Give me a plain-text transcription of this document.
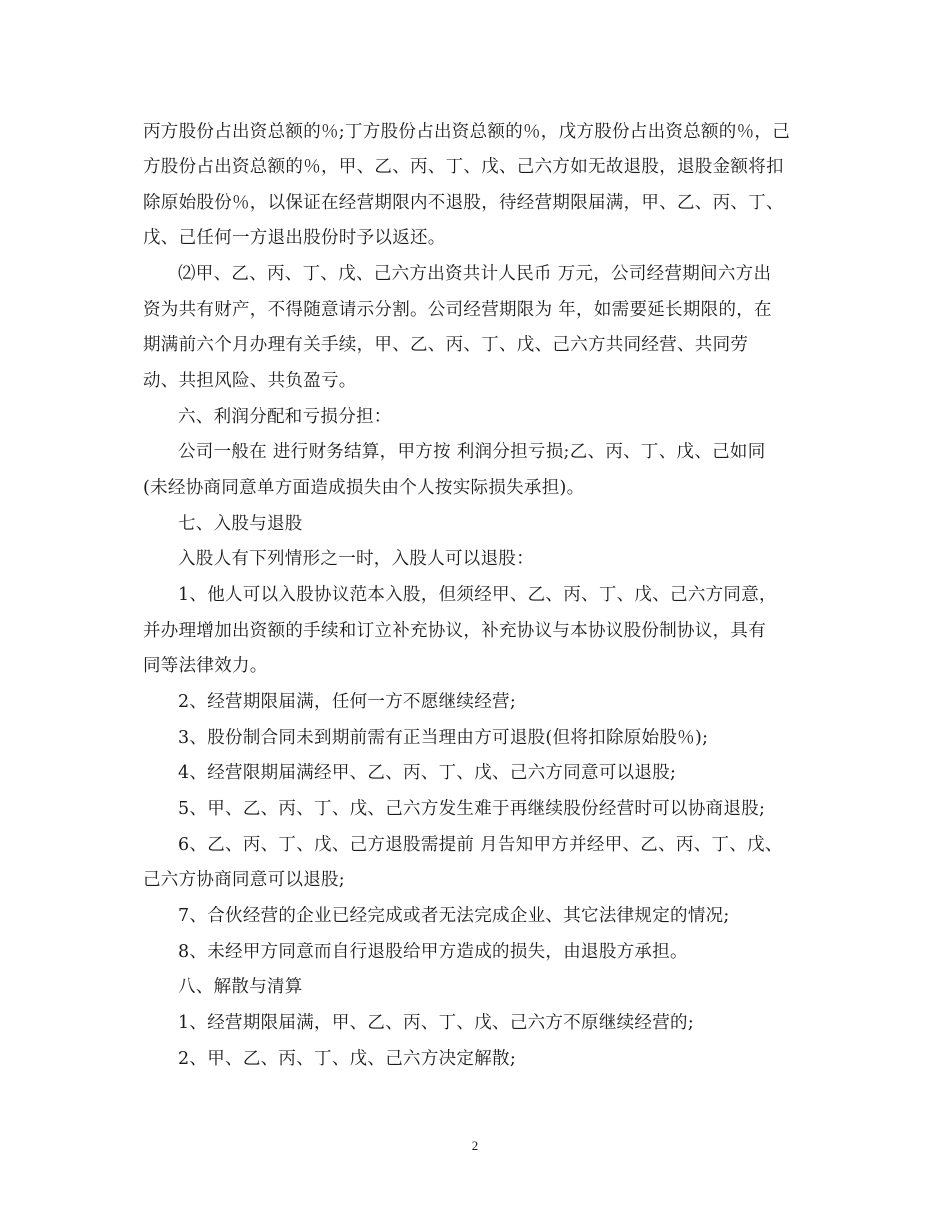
丙方股份占出资总额的％;丁方股份占出资总额的％，戊方股份占出资总额的％，己
方股份占出资总额的％，甲、乙、丙、丁、戊、己六方如无故退股，退股金额将扣
除原始股份％，以保证在经营期限内不退股，待经营期限届满，甲、乙、丙、丁、
戊、己任何一方退出股份时予以返还。
⑵甲、乙、丙、丁、戊、己六方出资共计人民币 万元，公司经营期间六方出
资为共有财产，不得随意请示分割。公司经营期限为 年，如需要延长期限的，在
期满前六个月办理有关手续，甲、乙、丙、丁、戊、己六方共同经营、共同劳
动、共担风险、共负盈亏。
六、利润分配和亏损分担：
公司一般在 进行财务结算，甲方按 利润分担亏损;乙、丙、丁、戊、己如同
(未经协商同意单方面造成损失由个人按实际损失承担)。
七、入股与退股
入股人有下列情形之一时，入股人可以退股：
1、他人可以入股协议范本入股，但须经甲、乙、丙、丁、戊、己六方同意，
并办理增加出资额的手续和订立补充协议，补充协议与本协议股份制协议，具有
同等法律效力。
2、经营期限届满，任何一方不愿继续经营;
3、股份制合同未到期前需有正当理由方可退股(但将扣除原始股％);
4、经营限期届满经甲、乙、丙、丁、戊、己六方同意可以退股;
5、甲、乙、丙、丁、戊、己六方发生难于再继续股份经营时可以协商退股;
6、乙、丙、丁、戊、己方退股需提前 月告知甲方并经甲、乙、丙、丁、戊、
己六方协商同意可以退股;
7、合伙经营的企业已经完成或者无法完成企业、其它法律规定的情况;
8、未经甲方同意而自行退股给甲方造成的损失，由退股方承担。
八、解散与清算
1、经营期限届满，甲、乙、丙、丁、戊、己六方不原继续经营的;
2、甲、乙、丙、丁、戊、己六方决定解散;
2
